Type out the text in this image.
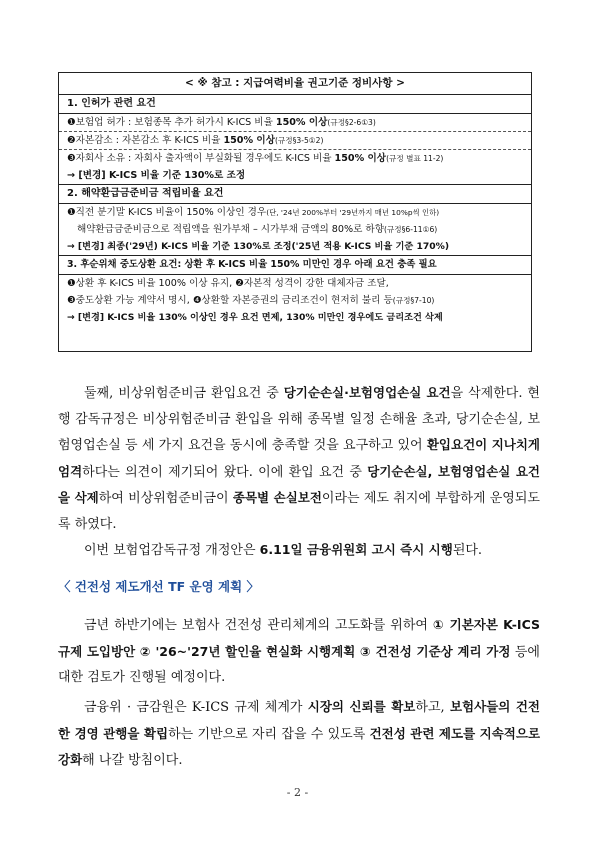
< ※ 참고 : 지급여력비율 권고기준 정비사항 >
1. 인허가 관련 요건
❶보험업 허가 : 보험종목 추가 허가시 K-ICS 비율 150% 이상(규정§2-6①3)
❷자본감소 : 자본감소 후 K-ICS 비율 150% 이상(규정§3-5①2)
❸자회사 소유 : 자회사 출자액이 부실화될 경우에도 K-ICS 비율 150% 이상(규정 별표 11-2)
→ [변경] K-ICS 비율 기준 130%로 조정
2. 해약환급금준비금 적립비율 요건
❶직전 분기말 K-ICS 비율이 150% 이상인 경우(단, '24년 200%부터 '29년까지 매년 10%p씩 인하)
해약환급금준비금으로 적립액을 원가부채 – 시가부채 금액의 80%로 하향(규정§6-11①6)
→ [변경] 최종('29년) K-ICS 비율 기준 130%로 조정('25년 적용 K-ICS 비율 기준 170%)
3. 후순위채 중도상환 요건: 상환 후 K-ICS 비율 150% 미만인 경우 아래 요건 충족 필요
❶상환 후 K-ICS 비율 100% 이상 유지, ❷자본적 성격이 강한 대체자금 조달,
❸중도상환 가능 계약서 명시, ❹상환할 자본증권의 금리조건이 현저히 불리 등(규정§7-10)
→ [변경] K-ICS 비율 130% 이상인 경우 요건 면제, 130% 미만인 경우에도 금리조건 삭제
둘째, 비상위험준비금 환입요건 중 당기순손실·보험영업손실 요건을 삭제한다. 현행 감독규정은 비상위험준비금 환입을 위해 종목별 일정 손해율 초과, 당기순손실, 보험영업손실 등 세 가지 요건을 동시에 충족할 것을 요구하고 있어 환입요건이 지나치게 엄격하다는 의견이 제기되어 왔다. 이에 환입 요건 중 당기순손실, 보험영업손실 요건을 삭제하여 비상위험준비금이 종목별 손실보전이라는 제도 취지에 부합하게 운영되도록 하였다.
이번 보험업감독규정 개정안은 6.11일 금융위원회 고시 즉시 시행된다.
〈 건전성 제도개선 TF 운영 계획 〉
금년 하반기에는 보험사 건전성 관리체계의 고도화를 위하여 ① 기본자본 K-ICS 규제 도입방안 ② '26~'27년 할인율 현실화 시행계획 ③ 건전성 기준상 계리 가정 등에 대한 검토가 진행될 예정이다.
금융위 · 금감원은 K-ICS 규제 체계가 시장의 신뢰를 확보하고, 보험사들의 건전한 경영 관행을 확립하는 기반으로 자리 잡을 수 있도록 건전성 관련 제도를 지속적으로 강화해 나갈 방침이다.
- 2 -
